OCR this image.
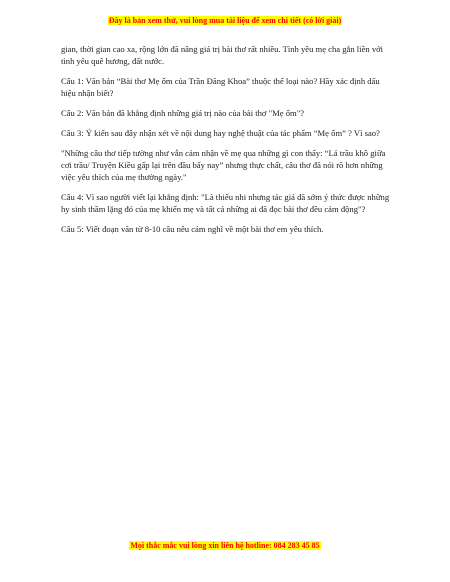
Đây là bản xem thử, vui lòng mua tài liệu để xem chi tiết (có lời giải)

gian, thời gian cao xa, rộng lớn đã nâng giá trị bài thơ rất nhiều. Tình yêu mẹ cha gắn liền với tình yêu quê hương, đất nước.

Câu 1: Văn bản “Bài thơ Mẹ ốm của Trần Đăng Khoa” thuộc thể loại nào? Hãy xác định dấu hiệu nhận biết?

Câu 2: Văn bản đã khẳng định những giá trị nào của bài thơ "Mẹ ốm"?

Câu 3: Ý kiến sau đây nhận xét về nội dung hay nghệ thuật của tác phẩm “Mẹ ốm” ? Vì sao?

"Những câu thơ tiếp tường như vẫn cảm nhận về mẹ qua những gì con thấy: “Lá trầu khô giữa cơi trầu/ Truyện Kiều gấp lại trên đầu bấy nay” nhưng thực chất, câu thơ đã nói rõ hơn những việc yêu thích của mẹ thường ngày."

Câu 4: Vì sao người viết lại khẳng định: "Là thiếu nhi nhưng tác giả đã sớm ý thức được những hy sinh thầm lặng đó của mẹ khiến mẹ và tất cả những ai đã đọc bài thơ đều cảm động"?

Câu 5: Viết đoạn văn từ 8-10 câu nêu cảm nghĩ về một bài thơ em yêu thích.

Mọi thắc mắc vui lòng xin liên hệ hotline: 084 283 45 85
